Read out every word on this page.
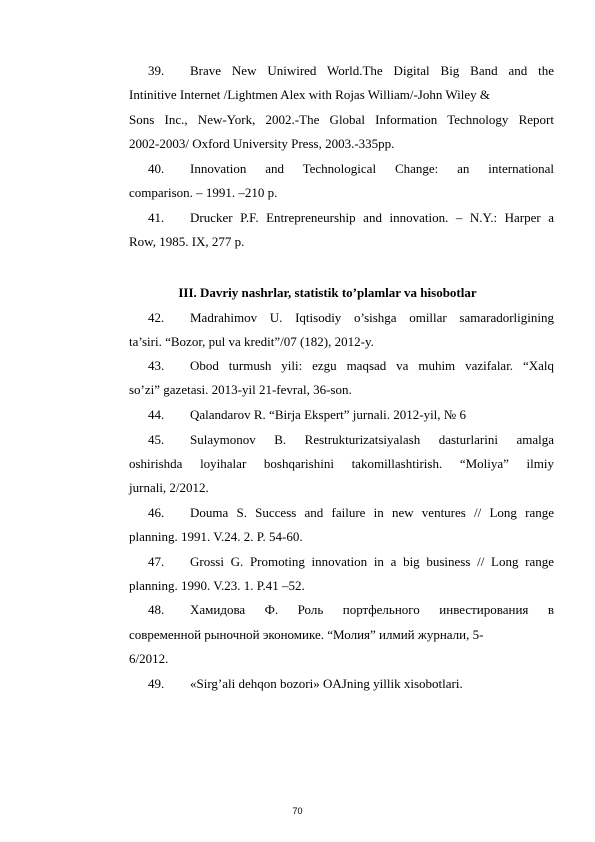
39. Brave New Uniwired World.The Digital Big Band and the
Intinitive Internet /Lightmen Alex with Rojas William/-John Wiley &
Sons Inc., New-York, 2002.-The Global Information Technology Report
2002-2003/ Oxford University Press, 2003.-335pp.
40. Innovation and Technological Change: an international
comparison. – 1991. –210 p.
41. Drucker P.F. Entrepreneurship and innovation. – N.Y.: Harper a
Row, 1985. IX, 277 p.
III. Davriy nashrlar, statistik to’plamlar va hisobotlar
42. Madrahimov U. Iqtisodiy o’sishga omillar samaradorligining
ta’siri. “Bozor, pul va kredit”/07 (182), 2012-y.
43. Obod turmush yili: ezgu maqsad va muhim vazifalar. “Xalq
so’zi” gazetasi. 2013-yil 21-fevral, 36-son.
44. Qalandarov R. “Birja Ekspert” jurnali. 2012-yil, № 6
45. Sulaymonov B. Restrukturizatsiyalash dasturlarini amalga
oshirishda loyihalar boshqarishini takomillashtirish. “Moliya” ilmiy
jurnali, 2/2012.
46. Douma S. Success and failure in new ventures // Long range
planning. 1991. V.24. 2. P. 54-60.
47. Grossi G. Promoting innovation in a big business // Long range
planning. 1990. V.23. 1. P.41 –52.
48. Хамидова Ф. Роль портфельного инвестирования в
современной рыночной экономике. “Молия” илмий журнали, 5-
6/2012.
49. «Sirg’ali dehqon bozori» OAJning yillik xisobotlari.
70
